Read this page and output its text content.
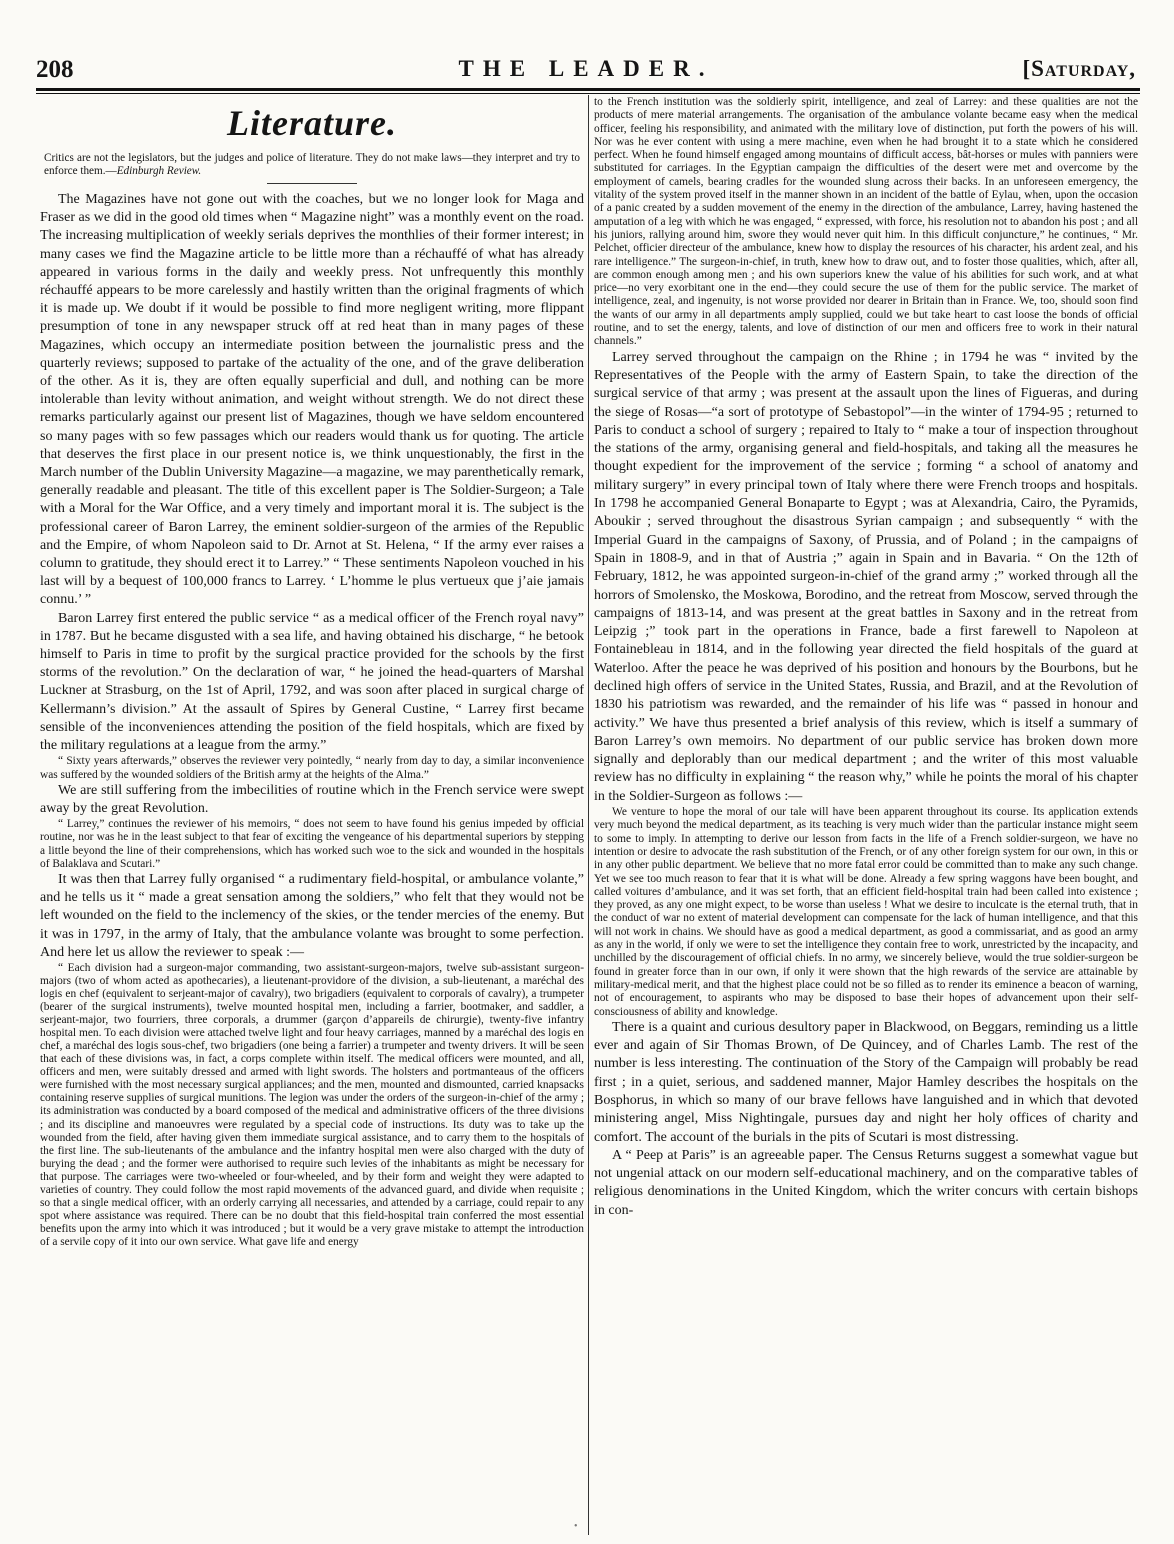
208	THE LEADER.	[Saturday,
Literature.
Critics are not the legislators, but the judges and police of literature. They do not make laws—they interpret and try to enforce them.—Edinburgh Review.

The Magazines have not gone out with the coaches, but we no longer look for Maga and Fraser as we did in the good old times when “ Magazine night” was a monthly event on the road. The increasing multiplication of weekly serials deprives the monthlies of their former interest; in many cases we find the Magazine article to be little more than a réchauffé of what has already appeared in various forms in the daily and weekly press. Not unfrequently this monthly réchauffé appears to be more carelessly and hastily written than the original fragments of which it is made up. We doubt if it would be possible to find more negligent writing, more flippant presumption of tone in any newspaper struck off at red heat than in many pages of these Magazines, which occupy an intermediate position between the journalistic press and the quarterly reviews; supposed to partake of the actuality of the one, and of the grave deliberation of the other. As it is, they are often equally superficial and dull, and nothing can be more intolerable than levity without animation, and weight without strength. We do not direct these remarks particularly against our present list of Magazines, though we have seldom encountered so many pages with so few passages which our readers would thank us for quoting. The article that deserves the first place in our present notice is, we think unquestionably, the first in the March number of the Dublin University Magazine—a magazine, we may parenthetically remark, generally readable and pleasant. The title of this excellent paper is The Soldier-Surgeon; a Tale with a Moral for the War Office, and a very timely and important moral it is. The subject is the professional career of Baron Larrey, the eminent soldier-surgeon of the armies of the Republic and the Empire, of whom Napoleon said to Dr. Arnot at St. Helena, “ If the army ever raises a column to gratitude, they should erect it to Larrey.” “ These sentiments Napoleon vouched in his last will by a bequest of 100,000 francs to Larrey. ‘ L’homme le plus vertueux que j’aie jamais connu.’ ”

Baron Larrey first entered the public service “ as a medical officer of the French royal navy” in 1787. But he became disgusted with a sea life, and having obtained his discharge, “ he betook himself to Paris in time to profit by the surgical practice provided for the schools by the first storms of the revolution.” On the declaration of war, “ he joined the head-quarters of Marshal Luckner at Strasburg, on the 1st of April, 1792, and was soon after placed in surgical charge of Kellermann’s division.” At the assault of Spires by General Custine, “ Larrey first became sensible of the inconveniences attending the position of the field hospitals, which are fixed by the military regulations at a league from the army.”

“ Sixty years afterwards,” observes the reviewer very pointedly, “ nearly from day to day, a similar inconvenience was suffered by the wounded soldiers of the British army at the heights of the Alma.”

We are still suffering from the imbecilities of routine which in the French service were swept away by the great Revolution.

“ Larrey,” continues the reviewer of his memoirs, “ does not seem to have found his genius impeded by official routine, nor was he in the least subject to that fear of exciting the vengeance of his departmental superiors by stepping a little beyond the line of their comprehensions, which has worked such woe to the sick and wounded in the hospitals of Balaklava and Scutari.”

It was then that Larrey fully organised “ a rudimentary field-hospital, or ambulance volante,” and he tells us it “ made a great sensation among the soldiers,” who felt that they would not be left wounded on the field to the inclemency of the skies, or the tender mercies of the enemy. But it was in 1797, in the army of Italy, that the ambulance volante was brought to some perfection. And here let us allow the reviewer to speak :—

“ Each division had a surgeon-major commanding, two assistant-surgeon-majors, twelve sub-assistant surgeon-majors (two of whom acted as apothecaries), a lieutenant-providore of the division, a sub-lieutenant, a maréchal des logis en chef (equivalent to serjeant-major of cavalry), two brigadiers (equivalent to corporals of cavalry), a trumpeter (bearer of the surgical instruments), twelve mounted hospital men, including a farrier, bootmaker, and saddler, a serjeant-major, two fourriers, three corporals, a drummer (garçon d’appareils de chirurgie), twenty-five infantry hospital men. To each division were attached twelve light and four heavy carriages, manned by a maréchal des logis en chef, a maréchal des logis sous-chef, two brigadiers (one being a farrier) a trumpeter and twenty drivers. It will be seen that each of these divisions was, in fact, a corps complete within itself. The medical officers were mounted, and all, officers and men, were suitably dressed and armed with light swords. The holsters and portmanteaus of the officers were furnished with the most necessary surgical appliances; and the men, mounted and dismounted, carried knapsacks containing reserve supplies of surgical munitions. The legion was under the orders of the surgeon-in-chief of the army ; its administration was conducted by a board composed of the medical and administrative officers of the three divisions ; and its discipline and manoeuvres were regulated by a special code of instructions. Its duty was to take up the wounded from the field, after having given them immediate surgical assistance, and to carry them to the hospitals of the first line. The sub-lieutenants of the ambulance and the infantry hospital men were also charged with the duty of burying the dead ; and the former were authorised to require such levies of the inhabitants as might be necessary for that purpose. The carriages were two-wheeled or four-wheeled, and by their form and weight they were adapted to varieties of country. They could follow the most rapid movements of the advanced guard, and divide when requisite ; so that a single medical officer, with an orderly carrying all necessaries, and attended by a carriage, could repair to any spot where assistance was required. There can be no doubt that this field-hospital train conferred the most essential benefits upon the army into which it was introduced ; but it would be a very grave mistake to attempt the introduction of a servile copy of it into our own service. What gave life and energy

to the French institution was the soldierly spirit, intelligence, and zeal of Larrey: and these qualities are not the products of mere material arrangements. The organisation of the ambulance volante became easy when the medical officer, feeling his responsibility, and animated with the military love of distinction, put forth the powers of his will. Nor was he ever content with using a mere machine, even when he had brought it to a state which he considered perfect. When he found himself engaged among mountains of difficult access, bât-horses or mules with panniers were substituted for carriages. In the Egyptian campaign the difficulties of the desert were met and overcome by the employment of camels, bearing cradles for the wounded slung across their backs. In an unforeseen emergency, the vitality of the system proved itself in the manner shown in an incident of the battle of Eylau, when, upon the occasion of a panic created by a sudden movement of the enemy in the direction of the ambulance, Larrey, having hastened the amputation of a leg with which he was engaged, “ expressed, with force, his resolution not to abandon his post ; and all his juniors, rallying around him, swore they would never quit him. In this difficult conjuncture,” he continues, “ Mr. Pelchet, officier directeur of the ambulance, knew how to display the resources of his character, his ardent zeal, and his rare intelligence.” The surgeon-in-chief, in truth, knew how to draw out, and to foster those qualities, which, after all, are common enough among men ; and his own superiors knew the value of his abilities for such work, and at what price—no very exorbitant one in the end—they could secure the use of them for the public service. The market of intelligence, zeal, and ingenuity, is not worse provided nor dearer in Britain than in France. We, too, should soon find the wants of our army in all departments amply supplied, could we but take heart to cast loose the bonds of official routine, and to set the energy, talents, and love of distinction of our men and officers free to work in their natural channels.”

Larrey served throughout the campaign on the Rhine ; in 1794 he was “ invited by the Representatives of the People with the army of Eastern Spain, to take the direction of the surgical service of that army ; was present at the assault upon the lines of Figueras, and during the siege of Rosas—“a sort of prototype of Sebastopol”—in the winter of 1794-95 ; returned to Paris to conduct a school of surgery ; repaired to Italy to “ make a tour of inspection throughout the stations of the army, organising general and field-hospitals, and taking all the measures he thought expedient for the improvement of the service ; forming “ a school of anatomy and military surgery” in every principal town of Italy where there were French troops and hospitals. In 1798 he accompanied General Bonaparte to Egypt ; was at Alexandria, Cairo, the Pyramids, Aboukir ; served throughout the disastrous Syrian campaign ; and subsequently “ with the Imperial Guard in the campaigns of Saxony, of Prussia, and of Poland ; in the campaigns of Spain in 1808-9, and in that of Austria ;” again in Spain and in Bavaria. “ On the 12th of February, 1812, he was appointed surgeon-in-chief of the grand army ;” worked through all the horrors of Smolensko, the Moskowa, Borodino, and the retreat from Moscow, served through the campaigns of 1813-14, and was present at the great battles in Saxony and in the retreat from Leipzig ;” took part in the operations in France, bade a first farewell to Napoleon at Fontainebleau in 1814, and in the following year directed the field hospitals of the guard at Waterloo. After the peace he was deprived of his position and honours by the Bourbons, but he declined high offers of service in the United States, Russia, and Brazil, and at the Revolution of 1830 his patriotism was rewarded, and the remainder of his life was “ passed in honour and activity.” We have thus presented a brief analysis of this review, which is itself a summary of Baron Larrey’s own memoirs. No department of our public service has broken down more signally and deplorably than our medical department ; and the writer of this most valuable review has no difficulty in explaining “ the reason why,” while he points the moral of his chapter in the Soldier-Surgeon as follows :—

We venture to hope the moral of our tale will have been apparent throughout its course. Its application extends very much beyond the medical department, as its teaching is very much wider than the particular instance might seem to some to imply. In attempting to derive our lesson from facts in the life of a French soldier-surgeon, we have no intention or desire to advocate the rash substitution of the French, or of any other foreign system for our own, in this or in any other public department. We believe that no more fatal error could be committed than to make any such change. Yet we see too much reason to fear that it is what will be done. Already a few spring waggons have been bought, and called voitures d’ambulance, and it was set forth, that an efficient field-hospital train had been called into existence ; they proved, as any one might expect, to be worse than useless ! What we desire to inculcate is the eternal truth, that in the conduct of war no extent of material development can compensate for the lack of human intelligence, and that this will not work in chains. We should have as good a medical department, as good a commissariat, and as good an army as any in the world, if only we were to set the intelligence they contain free to work, unrestricted by the incapacity, and unchilled by the discouragement of official chiefs. In no army, we sincerely believe, would the true soldier-surgeon be found in greater force than in our own, if only it were shown that the high rewards of the service are attainable by military-medical merit, and that the highest place could not be so filled as to render its eminence a beacon of warning, not of encouragement, to aspirants who may be disposed to base their hopes of advancement upon their self-consciousness of ability and knowledge.

There is a quaint and curious desultory paper in Blackwood, on Beggars, reminding us a little ever and again of Sir Thomas Brown, of De Quincey, and of Charles Lamb. The rest of the number is less interesting. The continuation of the Story of the Campaign will probably be read first ; in a quiet, serious, and saddened manner, Major Hamley describes the hospitals on the Bosphorus, in which so many of our brave fellows have languished and in which that devoted ministering angel, Miss Nightingale, pursues day and night her holy offices of charity and comfort. The account of the burials in the pits of Scutari is most distressing.

A “ Peep at Paris” is an agreeable paper. The Census Returns suggest a somewhat vague but not ungenial attack on our modern self-educational machinery, and on the comparative tables of religious denominations in the United Kingdom, which the writer concurs with certain bishops in con-

•
